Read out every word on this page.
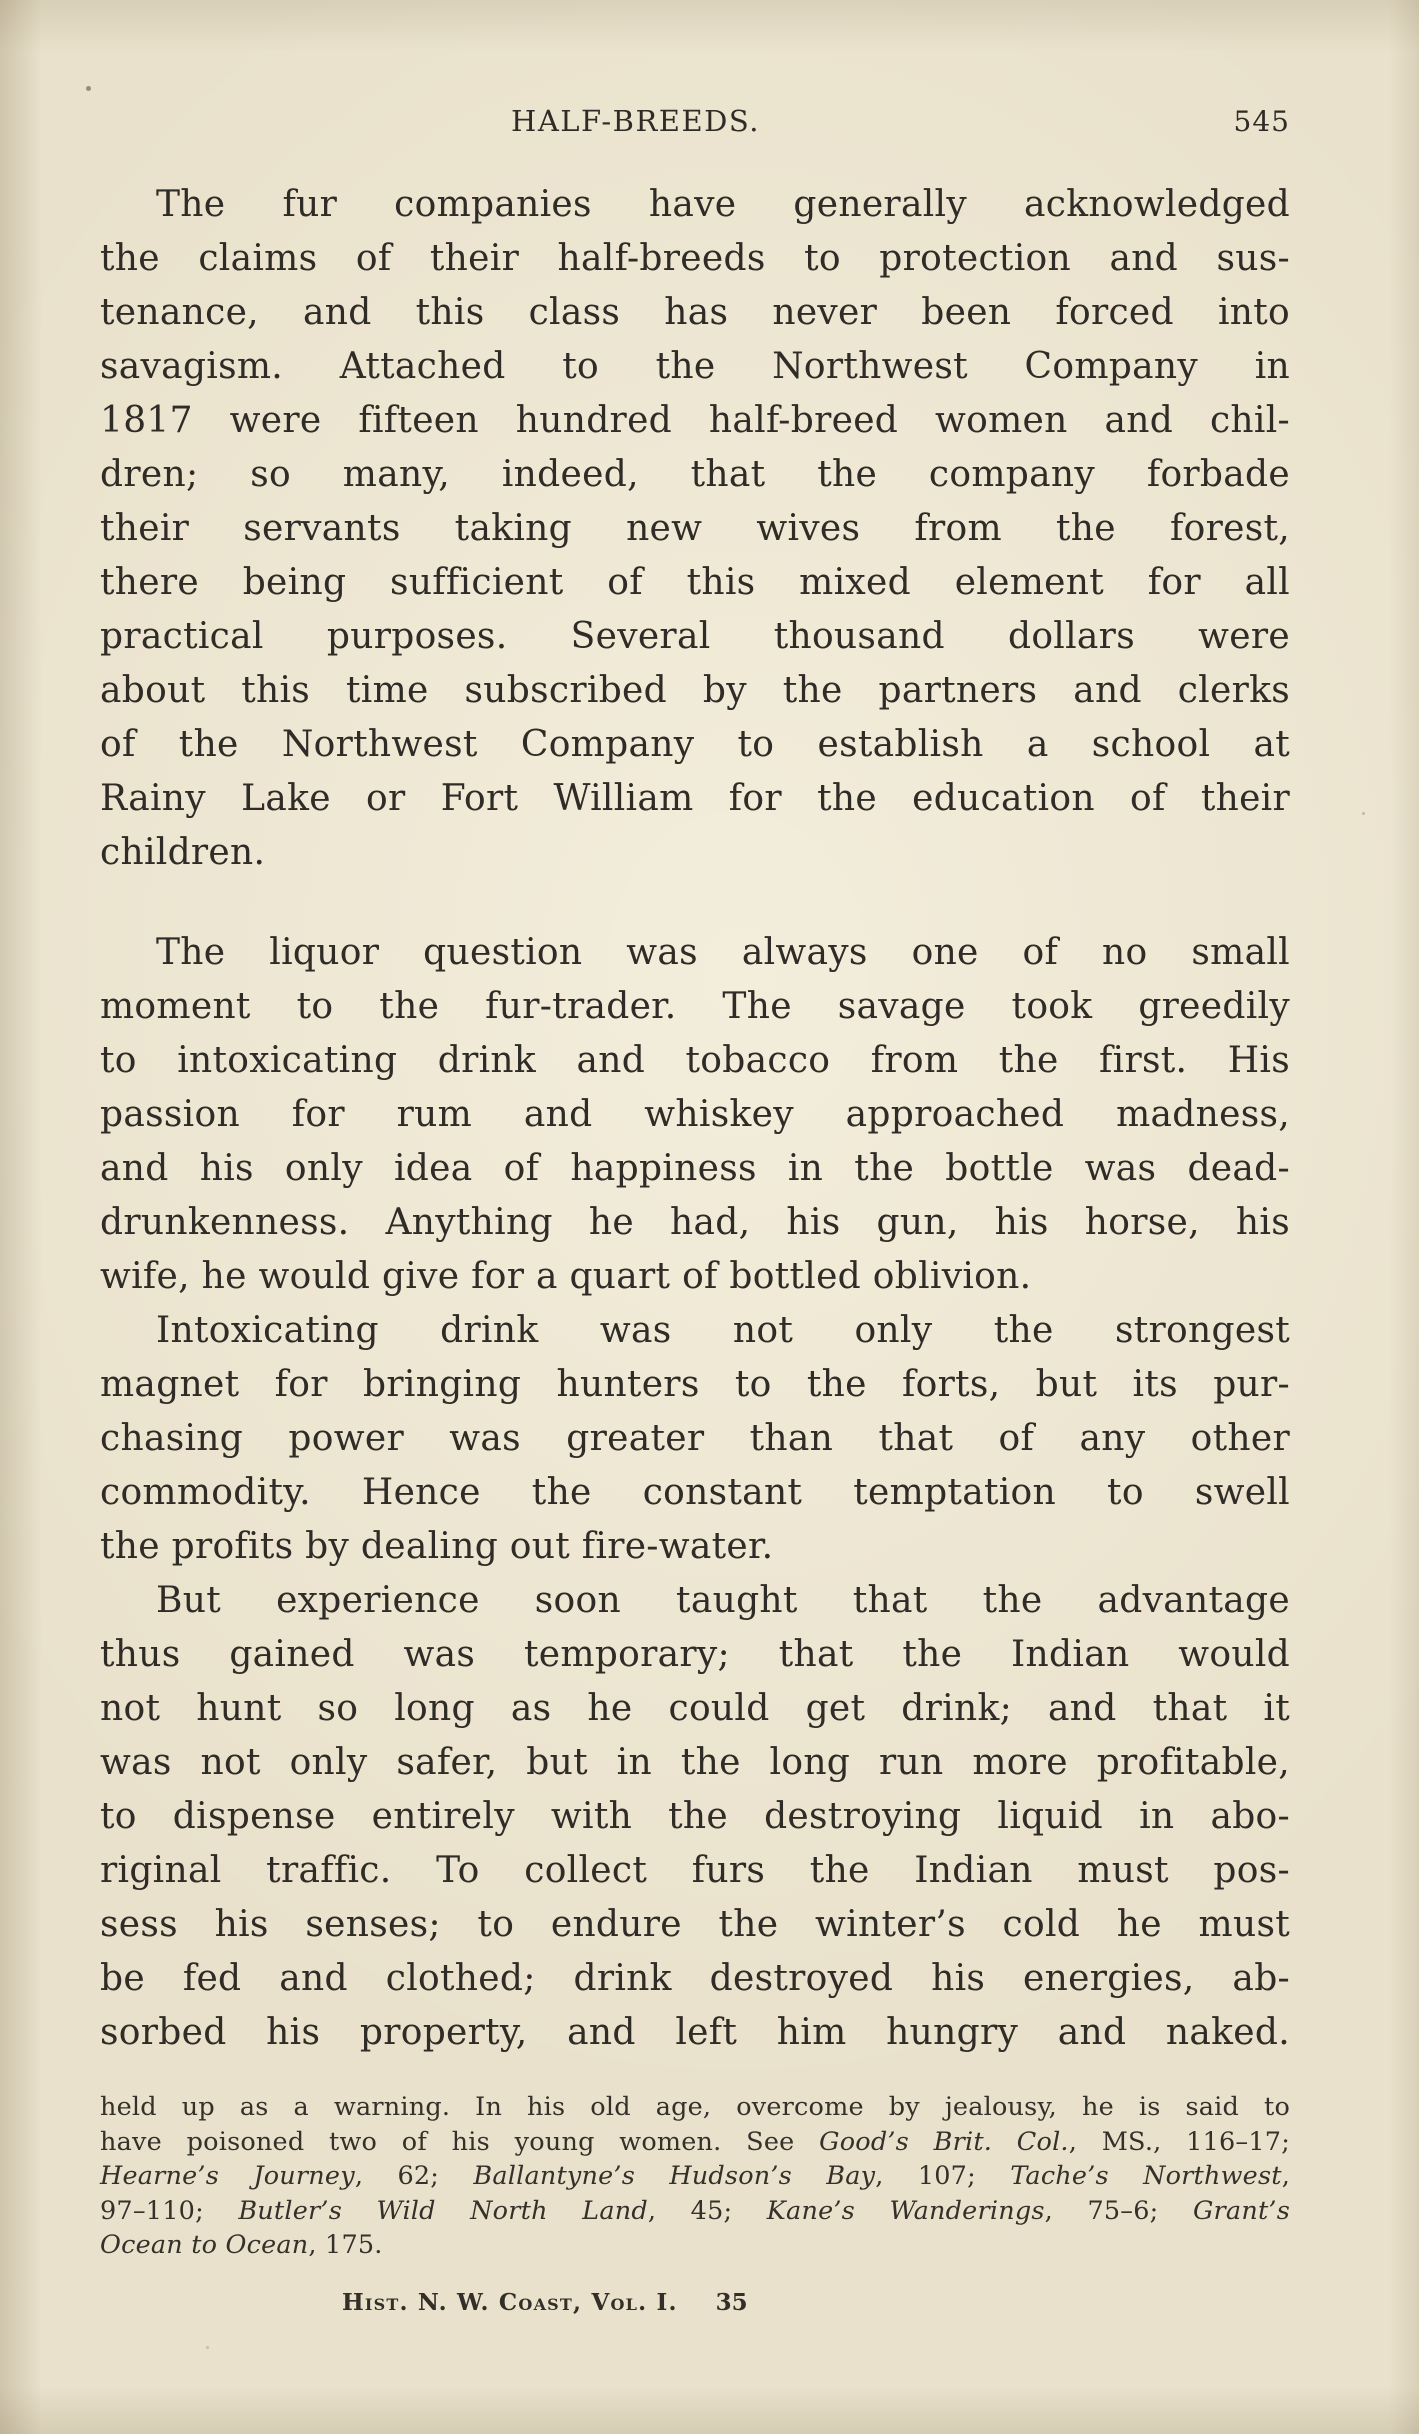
HALF-BREEDS.	545
The fur companies have generally acknowledged
the claims of their half-breeds to protection and sus-
tenance, and this class has never been forced into
savagism. Attached to the Northwest Company in
1817 were fifteen hundred half-breed women and chil-
dren; so many, indeed, that the company forbade
their servants taking new wives from the forest,
there being sufficient of this mixed element for all
practical purposes. Several thousand dollars were
about this time subscribed by the partners and clerks
of the Northwest Company to establish a school at
Rainy Lake or Fort William for the education of their
children.
The liquor question was always one of no small
moment to the fur-trader. The savage took greedily
to intoxicating drink and tobacco from the first. His
passion for rum and whiskey approached madness,
and his only idea of happiness in the bottle was dead-
drunkenness. Anything he had, his gun, his horse, his
wife, he would give for a quart of bottled oblivion.
Intoxicating drink was not only the strongest
magnet for bringing hunters to the forts, but its pur-
chasing power was greater than that of any other
commodity. Hence the constant temptation to swell
the profits by dealing out fire-water.
But experience soon taught that the advantage
thus gained was temporary; that the Indian would
not hunt so long as he could get drink; and that it
was not only safer, but in the long run more profitable,
to dispense entirely with the destroying liquid in abo-
riginal traffic. To collect furs the Indian must pos-
sess his senses; to endure the winter’s cold he must
be fed and clothed; drink destroyed his energies, ab-
sorbed his property, and left him hungry and naked.
held up as a warning. In his old age, overcome by jealousy, he is said to
have poisoned two of his young women. See Good’s Brit. Col., MS., 116–17;
Hearne’s Journey, 62; Ballantyne’s Hudson’s Bay, 107; Tache’s Northwest,
97–110; Butler’s Wild North Land, 45; Kane’s Wanderings, 75–6; Grant’s
Ocean to Ocean, 175.
Hist. N. W. Coast, Vol. I. 35
